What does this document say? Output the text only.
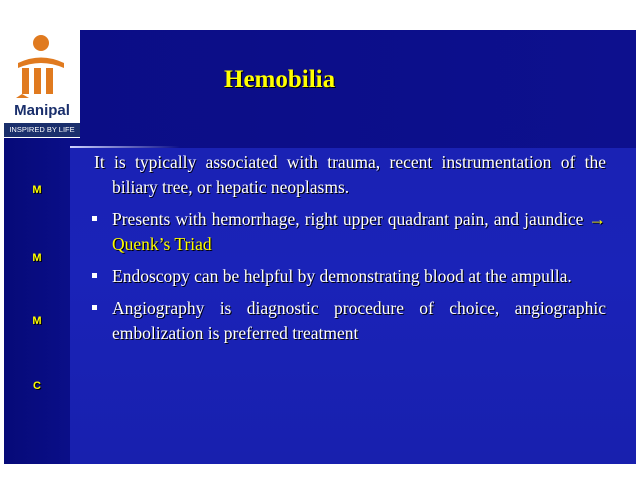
Manipal
INSPIRED BY LIFE
Hemobilia
M
M
M
C
It is typically associated with trauma, recent instrumentation of the biliary tree, or hepatic neoplasms.
Presents with hemorrhage, right upper quadrant pain, and jaundice → Quenk’s Triad
Endoscopy can be helpful by demonstrating blood at the ampulla.
Angiography is diagnostic procedure of choice, angiographic embolization is preferred treatment
